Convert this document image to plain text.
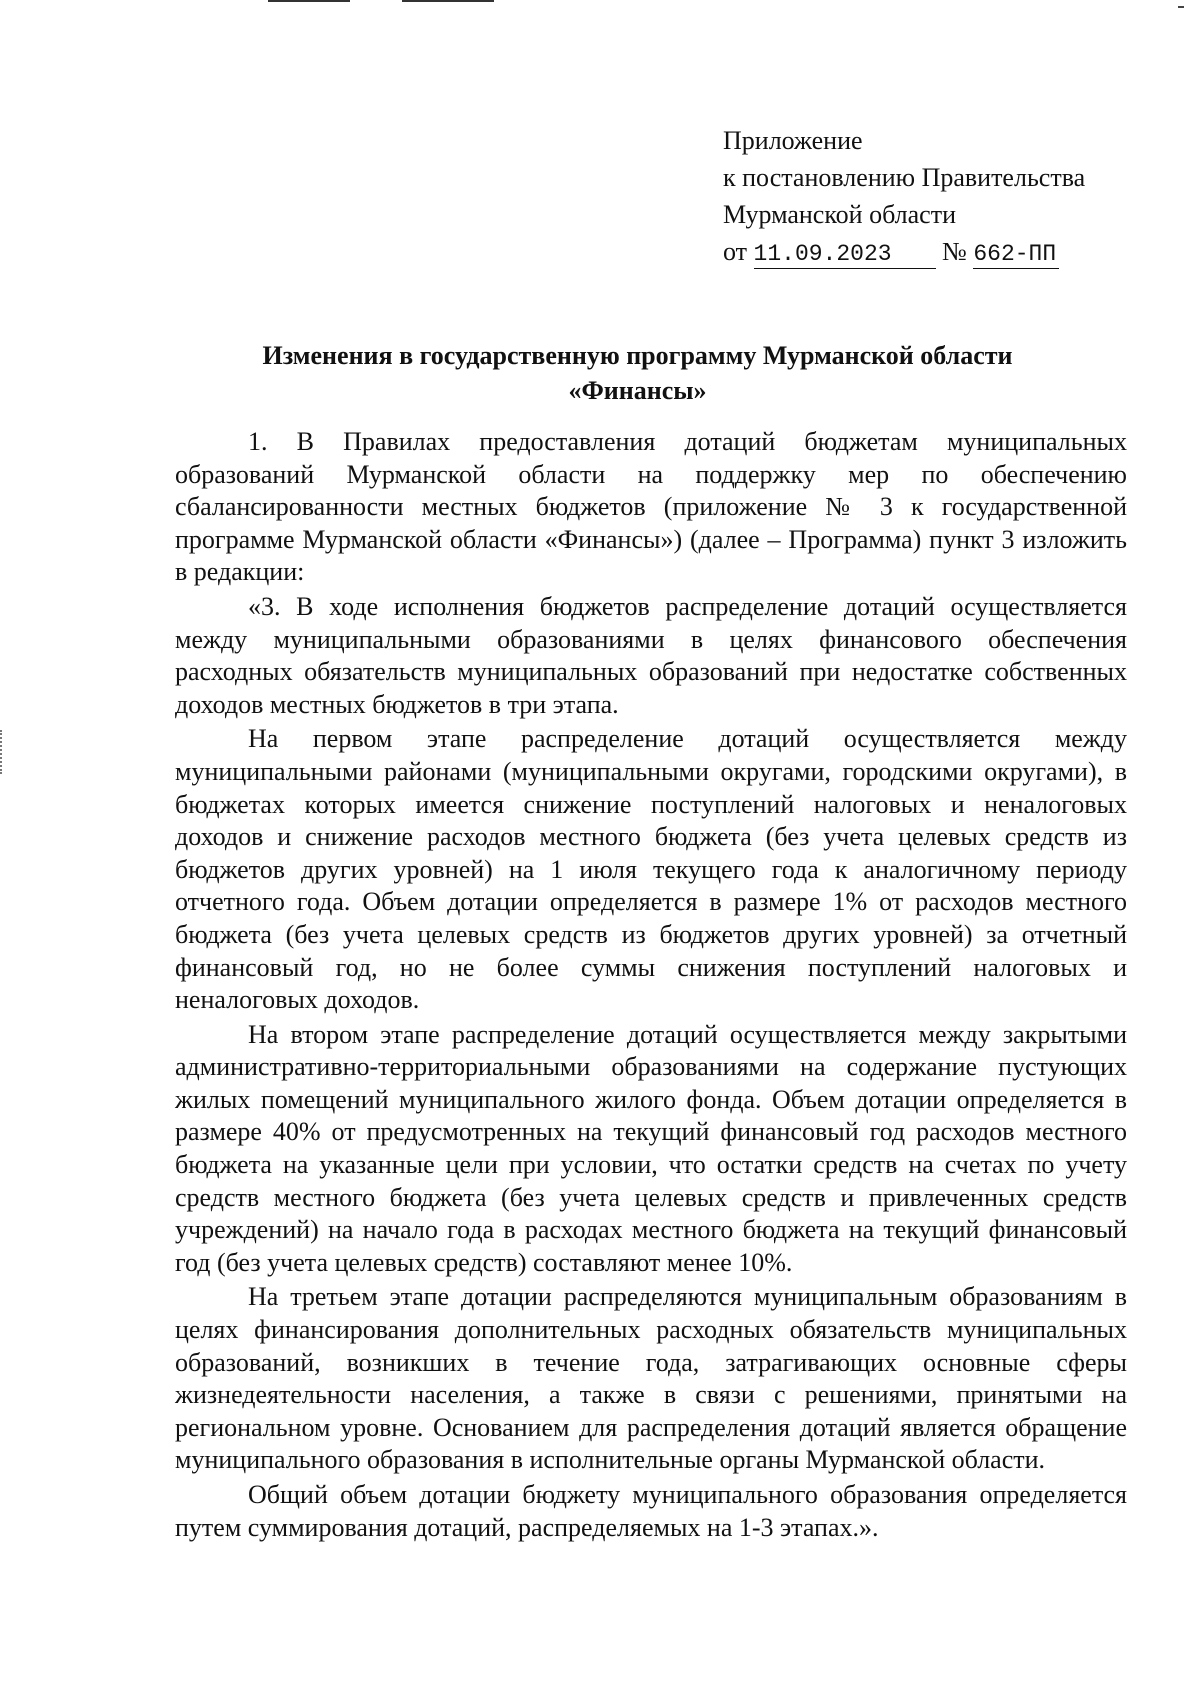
Приложение
к постановлению Правительства
Мурманской области
от 11.09.2023 № 662-ПП
Изменения в государственную программу Мурманской области
«Финансы»

1. В Правилах предоставления дотаций бюджетам муниципальных образований Мурманской области на поддержку мер по обеспечению сбалансированности местных бюджетов (приложение № 3 к государственной программе Мурманской области «Финансы») (далее – Программа) пункт 3 изложить в редакции:

«3. В ходе исполнения бюджетов распределение дотаций осуществляется между муниципальными образованиями в целях финансового обеспечения расходных обязательств муниципальных образований при недостатке собственных доходов местных бюджетов в три этапа.

На первом этапе распределение дотаций осуществляется между муниципальными районами (муниципальными округами, городскими округами), в бюджетах которых имеется снижение поступлений налоговых и неналоговых доходов и снижение расходов местного бюджета (без учета целевых средств из бюджетов других уровней) на 1 июля текущего года к аналогичному периоду отчетного года. Объем дотации определяется в размере 1% от расходов местного бюджета (без учета целевых средств из бюджетов других уровней) за отчетный финансовый год, но не более суммы снижения поступлений налоговых и неналоговых доходов.

На втором этапе распределение дотаций осуществляется между закрытыми административно-территориальными образованиями на содержание пустующих жилых помещений муниципального жилого фонда. Объем дотации определяется в размере 40% от предусмотренных на текущий финансовый год расходов местного бюджета на указанные цели при условии, что остатки средств на счетах по учету средств местного бюджета (без учета целевых средств и привлеченных средств учреждений) на начало года в расходах местного бюджета на текущий финансовый год (без учета целевых средств) составляют менее 10%.

На третьем этапе дотации распределяются муниципальным образованиям в целях финансирования дополнительных расходных обязательств муниципальных образований, возникших в течение года, затрагивающих основные сферы жизнедеятельности населения, а также в связи с решениями, принятыми на региональном уровне. Основанием для распределения дотаций является обращение муниципального образования в исполнительные органы Мурманской области.

Общий объем дотации бюджету муниципального образования определяется путем суммирования дотаций, распределяемых на 1-3 этапах.».
